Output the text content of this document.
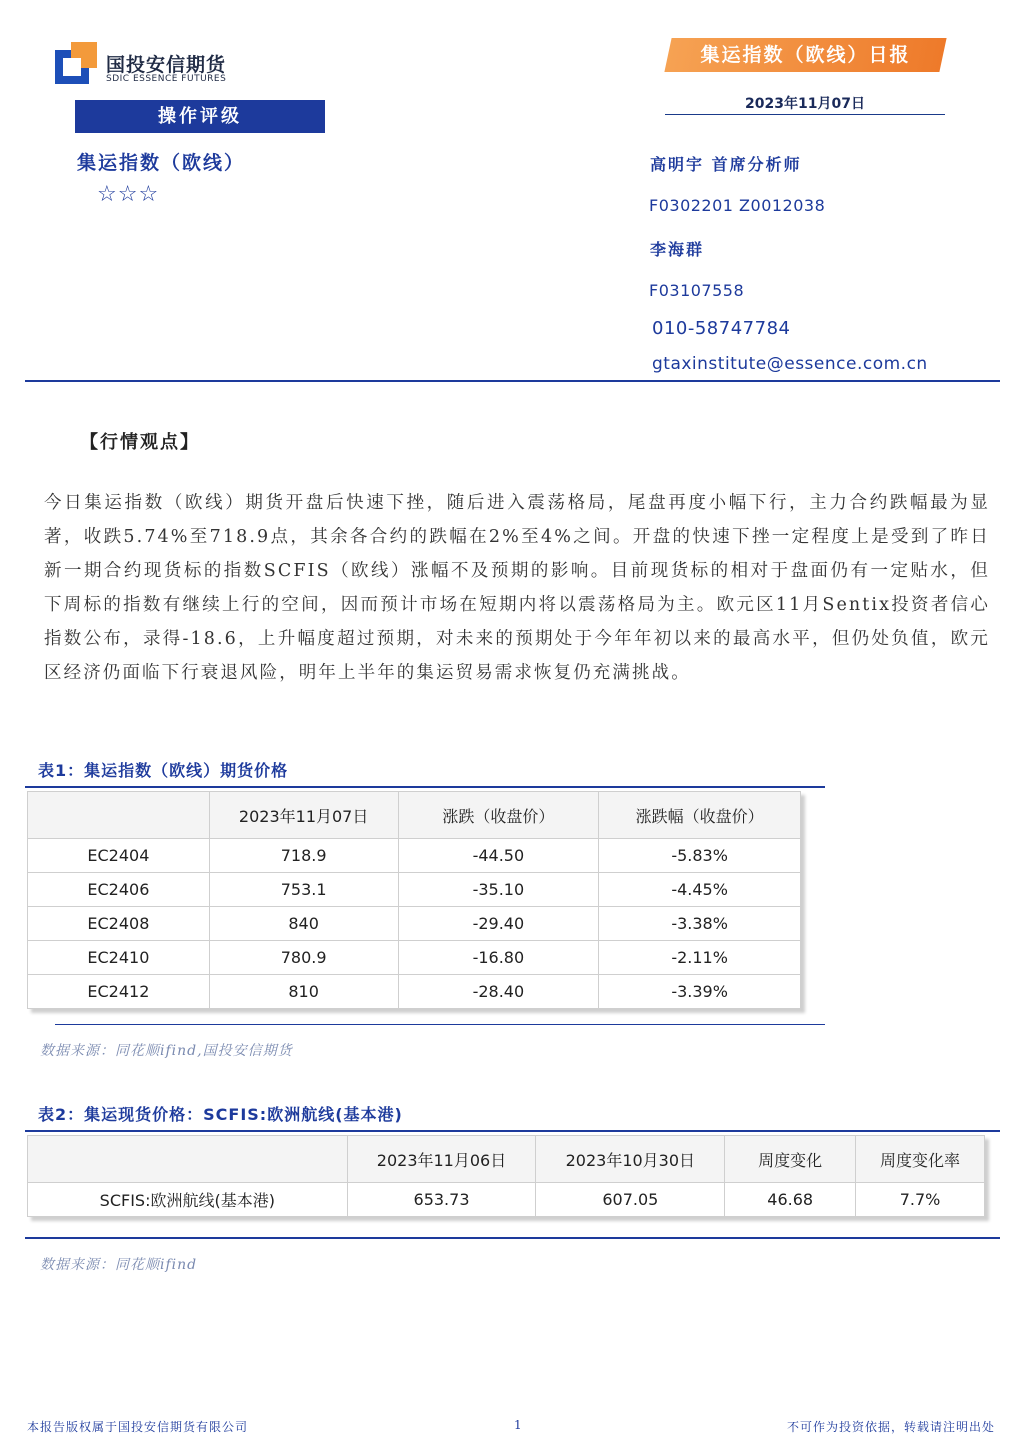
国投安信期货
SDIC ESSENCE FUTURES
集运指数（欧线）日报
2023年11月07日
操作评级
集运指数（欧线）
☆☆☆
高明宇 首席分析师
F0302201 Z0012038
李海群
F03107558
010-58747784
gtaxinstitute@essence.com.cn
【行情观点】
今日集运指数（欧线）期货开盘后快速下挫，随后进入震荡格局，尾盘再度小幅下行，主力合约跌幅最为显著，收跌5.74%至718.9点，其余各合约的跌幅在2%至4%之间。开盘的快速下挫一定程度上是受到了昨日新一期合约现货标的指数SCFIS（欧线）涨幅不及预期的影响。目前现货标的相对于盘面仍有一定贴水，但下周标的指数有继续上行的空间，因而预计市场在短期内将以震荡格局为主。欧元区11月Sentix投资者信心指数公布，录得-18.6，上升幅度超过预期，对未来的预期处于今年年初以来的最高水平，但仍处负值，欧元区经济仍面临下行衰退风险，明年上半年的集运贸易需求恢复仍充满挑战。
表1：集运指数（欧线）期货价格
	2023年11月07日	涨跌（收盘价）	涨跌幅（收盘价）
EC2404	718.9	-44.50	-5.83%
EC2406	753.1	-35.10	-4.45%
EC2408	840	-29.40	-3.38%
EC2410	780.9	-16.80	-2.11%
EC2412	810	-28.40	-3.39%
数据来源：同花顺ifind,国投安信期货
表2：集运现货价格：SCFIS:欧洲航线(基本港)
	2023年11月06日	2023年10月30日	周度变化	周度变化率
SCFIS:欧洲航线(基本港)	653.73	607.05	46.68	7.7%
数据来源：同花顺ifind
本报告版权属于国投安信期货有限公司	1	不可作为投资依据，转载请注明出处
